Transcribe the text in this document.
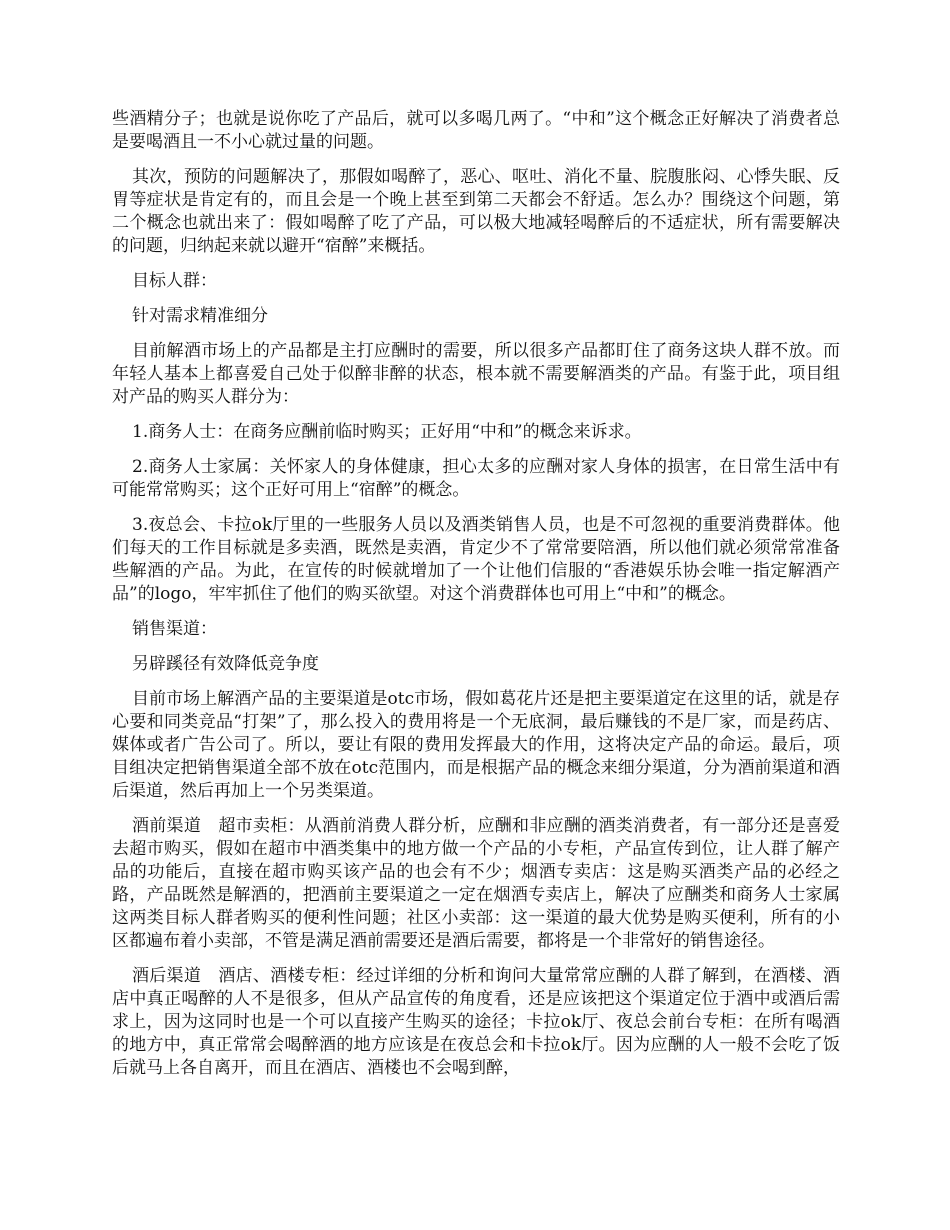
些酒精分子；也就是说你吃了产品后，就可以多喝几两了。“中和”这个概念正好解决了消费者总是要喝酒且一不小心就过量的问题。

其次，预防的问题解决了，那假如喝醉了，恶心、呕吐、消化不量、脘腹胀闷、心悸失眠、反胃等症状是肯定有的，而且会是一个晚上甚至到第二天都会不舒适。怎么办？围绕这个问题，第二个概念也就出来了：假如喝醉了吃了产品，可以极大地减轻喝醉后的不适症状，所有需要解决的问题，归纳起来就以避开“宿醉”来概括。

目标人群：

针对需求精准细分

目前解酒市场上的产品都是主打应酬时的需要，所以很多产品都盯住了商务这块人群不放。而年轻人基本上都喜爱自己处于似醉非醉的状态，根本就不需要解酒类的产品。有鉴于此，项目组对产品的购买人群分为：

1.商务人士：在商务应酬前临时购买；正好用“中和”的概念来诉求。

2.商务人士家属：关怀家人的身体健康，担心太多的应酬对家人身体的损害，在日常生活中有可能常常购买；这个正好可用上“宿醉”的概念。

3.夜总会、卡拉ok厅里的一些服务人员以及酒类销售人员，也是不可忽视的重要消费群体。他们每天的工作目标就是多卖酒，既然是卖酒，肯定少不了常常要陪酒，所以他们就必须常常准备些解酒的产品。为此，在宣传的时候就增加了一个让他们信服的“香港娱乐协会唯一指定解酒产品”的logo，牢牢抓住了他们的购买欲望。对这个消费群体也可用上“中和”的概念。

销售渠道：

另辟蹊径有效降低竞争度

目前市场上解酒产品的主要渠道是otc市场，假如葛花片还是把主要渠道定在这里的话，就是存心要和同类竞品“打架”了，那么投入的费用将是一个无底洞，最后赚钱的不是厂家，而是药店、媒体或者广告公司了。所以，要让有限的费用发挥最大的作用，这将决定产品的命运。最后，项目组决定把销售渠道全部不放在otc范围内，而是根据产品的概念来细分渠道，分为酒前渠道和酒后渠道，然后再加上一个另类渠道。

酒前渠道　超市卖柜：从酒前消费人群分析，应酬和非应酬的酒类消费者，有一部分还是喜爱去超市购买，假如在超市中酒类集中的地方做一个产品的小专柜，产品宣传到位，让人群了解产品的功能后，直接在超市购买该产品的也会有不少；烟酒专卖店：这是购买酒类产品的必经之路，产品既然是解酒的，把酒前主要渠道之一定在烟酒专卖店上，解决了应酬类和商务人士家属这两类目标人群者购买的便利性问题；社区小卖部：这一渠道的最大优势是购买便利，所有的小区都遍布着小卖部，不管是满足酒前需要还是酒后需要，都将是一个非常好的销售途径。

酒后渠道　酒店、酒楼专柜：经过详细的分析和询问大量常常应酬的人群了解到，在酒楼、酒店中真正喝醉的人不是很多，但从产品宣传的角度看，还是应该把这个渠道定位于酒中或酒后需求上，因为这同时也是一个可以直接产生购买的途径；卡拉ok厅、夜总会前台专柜：在所有喝酒的地方中，真正常常会喝醉酒的地方应该是在夜总会和卡拉ok厅。因为应酬的人一般不会吃了饭后就马上各自离开，而且在酒店、酒楼也不会喝到醉，
